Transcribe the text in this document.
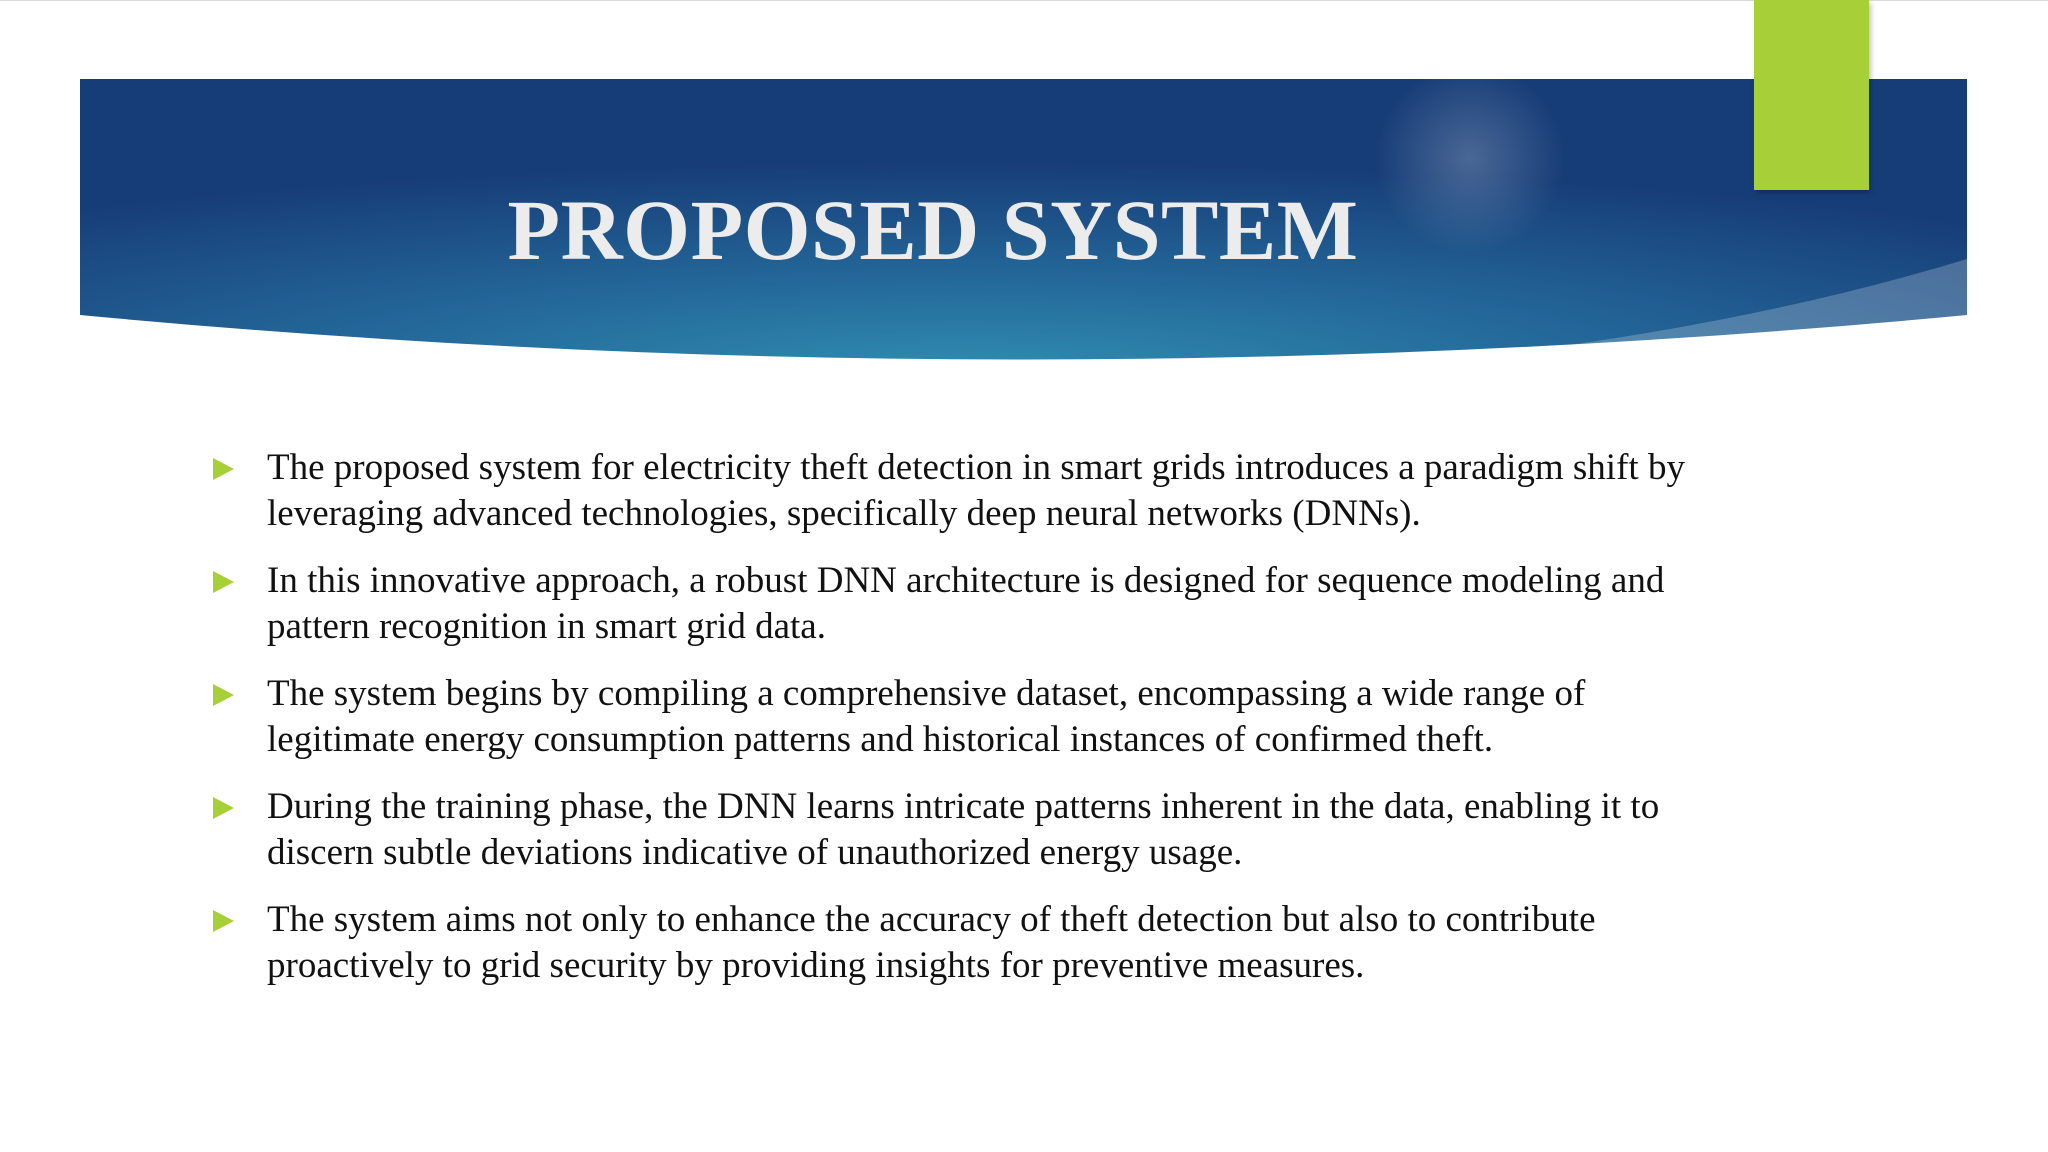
PROPOSED SYSTEM
The proposed system for electricity theft detection in smart grids introduces a paradigm shift by leveraging advanced technologies, specifically deep neural networks (DNNs).
In this innovative approach, a robust DNN architecture is designed for sequence modeling and pattern recognition in smart grid data.
The system begins by compiling a comprehensive dataset, encompassing a wide range of legitimate energy consumption patterns and historical instances of confirmed theft.
During the training phase, the DNN learns intricate patterns inherent in the data, enabling it to discern subtle deviations indicative of unauthorized energy usage.
The system aims not only to enhance the accuracy of theft detection but also to contribute proactively to grid security by providing insights for preventive measures.
